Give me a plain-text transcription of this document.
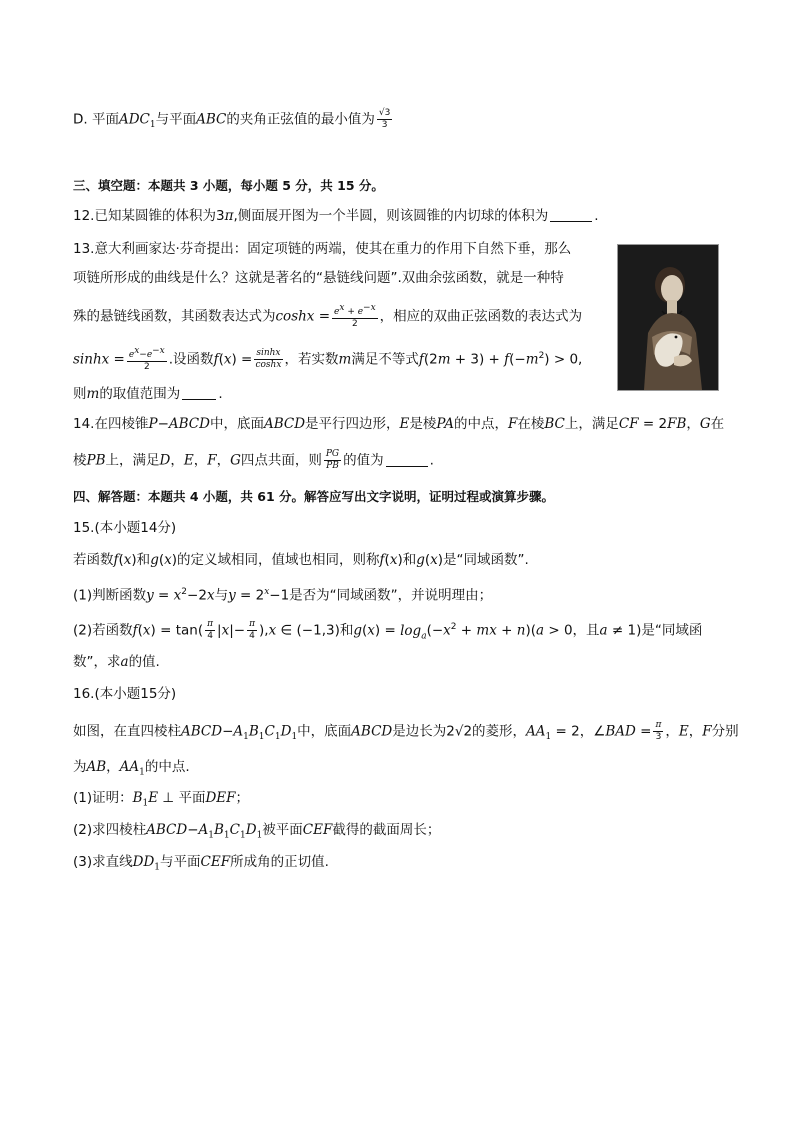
D. 平面$ADC_1$与平面ABC的夹角正弦值的最小值为 $\frac{√3}{3}$
三、填空题：本题共 3 小题，每小题 5 分，共 15 分。
12.已知某圆锥的体积为3π,侧面展开图为一个半圆，则该圆锥的内切球的体积为	.
13.意大利画家达·芬奇提出：固定项链的两端，使其在重力的作用下自然下垂，那么
项链所形成的曲线是什么？这就是著名的“悬链线问题”.双曲余弦函数，就是一种特
殊的悬链线函数，其函数表达式为$\cosh x = \frac{e^x + e^{-x}}{2}$ ，相应的双曲正弦函数的表达式为
$\sinh x = \frac{e^x-e^{-x}}{2}$ .设函数$f(x) = \frac{\sinh x}{\cosh x}$ ，若实数m满足不等式$f(2m + 3) + f(-m^2) > 0$,
则m的取值范围为	.
14.在四棱锥P−ABCD中，底面ABCD是平行四边形，E是棱PA的中点，F在棱BC上，满足CF = 2FB，G在
棱PB上，满足D，E，F，G四点共面，则 $\frac{PG}{PB}$ 的值为	.
四、解答题：本题共 4 小题，共 61 分。解答应写出文字说明，证明过程或演算步骤。
15.(本小题14分)
若函数f(x)和g(x)的定义域相同，值域也相同，则称f(x)和g(x)是“同域函数”.
(1)判断函数$y = x^2-2x$与$y = 2^x-1$是否为“同域函数”，并说明理由；
(2)若函数$f(x) = \tan( \frac{\pi}{4} |x|- \frac{\pi}{4} ),x$ ∈ (−1,3)和$g(x) = \log_a(-x^2$ + mx + n)(a > 0，且a ≠ 1)是“同域函
数”，求a的值.
16.(本小题15分)
如图，在直四棱柱$ABCD-A_1B_1C_1D_1$中，底面ABCD是边长为2√2的菱形，$AA_1 = 2$，∠BAD = $\frac{\pi}{3}$ ，E，F分别
为AB，$AA_1$的中点.
(1)证明：$B_1E$ ⊥ 平面DEF；
(2)求四棱柱$ABCD-A_1B_1C_1D_1$被平面CEF截得的截面周长；
(3)求直线$DD_1$与平面CEF所成角的正切值.
